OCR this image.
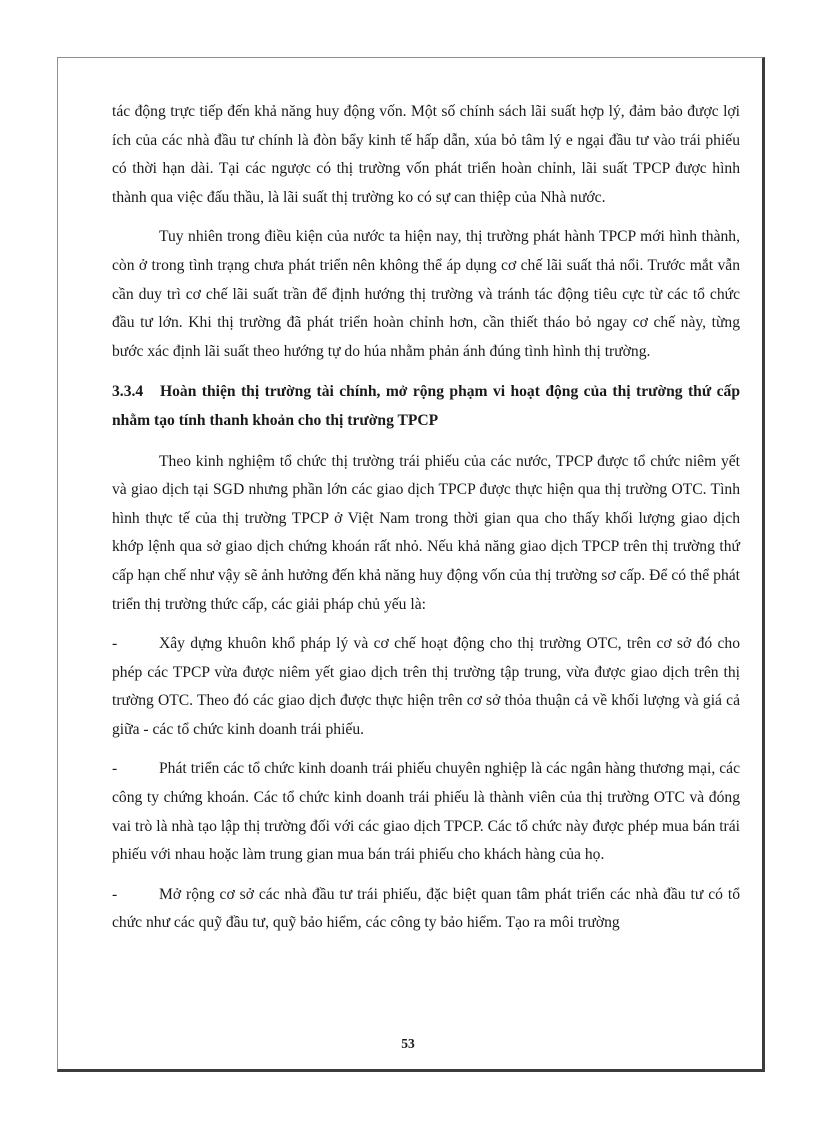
tác động trực tiếp đến khả năng huy động vốn. Một số chính sách lãi suất hợp lý, đảm bảo được lợi ích của các nhà đầu tư chính là đòn bẩy kinh tế hấp dẫn, xúa bỏ tâm lý e ngại đầu tư vào trái phiếu có thời hạn dài. Tại các ngược có thị trường vốn phát triển hoàn chỉnh, lãi suất TPCP được hình thành qua việc đấu thầu, là lãi suất thị trường ko có sự can thiệp của Nhà nước.

Tuy nhiên trong điều kiện của nước ta hiện nay, thị trường phát hành TPCP mới hình thành, còn ở trong tình trạng chưa phát triển nên không thể áp dụng cơ chế lãi suất thả nổi. Trước mắt vẫn cần duy trì cơ chế lãi suất trần để định hướng thị trường và tránh tác động tiêu cực từ các tổ chức đầu tư lớn. Khi thị trường đã phát triển hoàn chỉnh hơn, cần thiết tháo bỏ ngay cơ chế này, từng bước xác định lãi suất theo hướng tự do húa nhằm phản ánh đúng tình hình thị trường.

3.3.4 Hoàn thiện thị trường tài chính, mở rộng phạm vi hoạt động của thị trường thứ cấp nhằm tạo tính thanh khoản cho thị trường TPCP

Theo kinh nghiệm tổ chức thị trường trái phiếu của các nước, TPCP được tổ chức niêm yết và giao dịch tại SGD nhưng phần lớn các giao dịch TPCP được thực hiện qua thị trường OTC. Tình hình thực tế của thị trường TPCP ở Việt Nam trong thời gian qua cho thấy khối lượng giao dịch khớp lệnh qua sở giao dịch chứng khoán rất nhỏ. Nếu khả năng giao dịch TPCP trên thị trường thứ cấp hạn chế như vậy sẽ ảnh hưởng đến khả năng huy động vốn của thị trường sơ cấp. Để có thể phát triển thị trường thức cấp, các giải pháp chủ yếu là:

-	Xây dựng khuôn khổ pháp lý và cơ chế hoạt động cho thị trường OTC, trên cơ sở đó cho phép các TPCP vừa được niêm yết giao dịch trên thị trường tập trung, vừa được giao dịch trên thị trường OTC. Theo đó các giao dịch được thực hiện trên cơ sở thỏa thuận cả về khối lượng và giá cả giữa - các tổ chức kinh doanh trái phiếu.

-	Phát triển các tổ chức kinh doanh trái phiếu chuyên nghiệp là các ngân hàng thương mại, các công ty chứng khoán. Các tổ chức kinh doanh trái phiếu là thành viên của thị trường OTC và đóng vai trò là nhà tạo lập thị trường đối với các giao dịch TPCP. Các tổ chức này được phép mua bán trái phiếu với nhau hoặc làm trung gian mua bán trái phiếu cho khách hàng của họ.

-	Mở rộng cơ sở các nhà đầu tư trái phiếu, đặc biệt quan tâm phát triển các nhà đầu tư có tổ chức như các quỹ đầu tư, quỹ bảo hiểm, các công ty bảo hiểm. Tạo ra môi trường

53
